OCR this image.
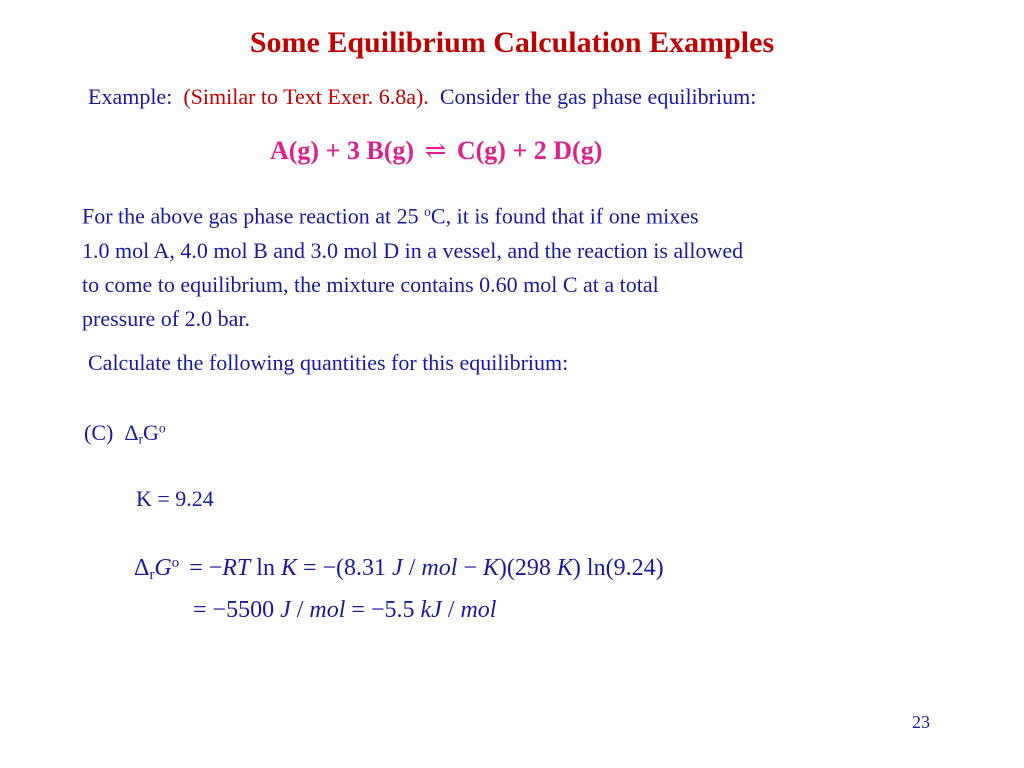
Some Equilibrium Calculation Examples
Example: (Similar to Text Exer. 6.8a). Consider the gas phase equilibrium:
A(g) + 3 B(g) ⇌ C(g) + 2 D(g)
For the above gas phase reaction at 25 $^o$C, it is found that if one mixes
1.0 mol A, 4.0 mol B and 3.0 mol D in a vessel, and the reaction is allowed
to come to equilibrium, the mixture contains 0.60 mol C at a total
pressure of 2.0 bar.
Calculate the following quantities for this equilibrium:
(C) $\Delta_rG^o$
K = 9.24
$\Delta_rG^o = -RT$ ln K = −(8.31 J / mol − K)(298 K) ln(9.24)
= −5500 J / mol = −5.5 kJ / mol
23
